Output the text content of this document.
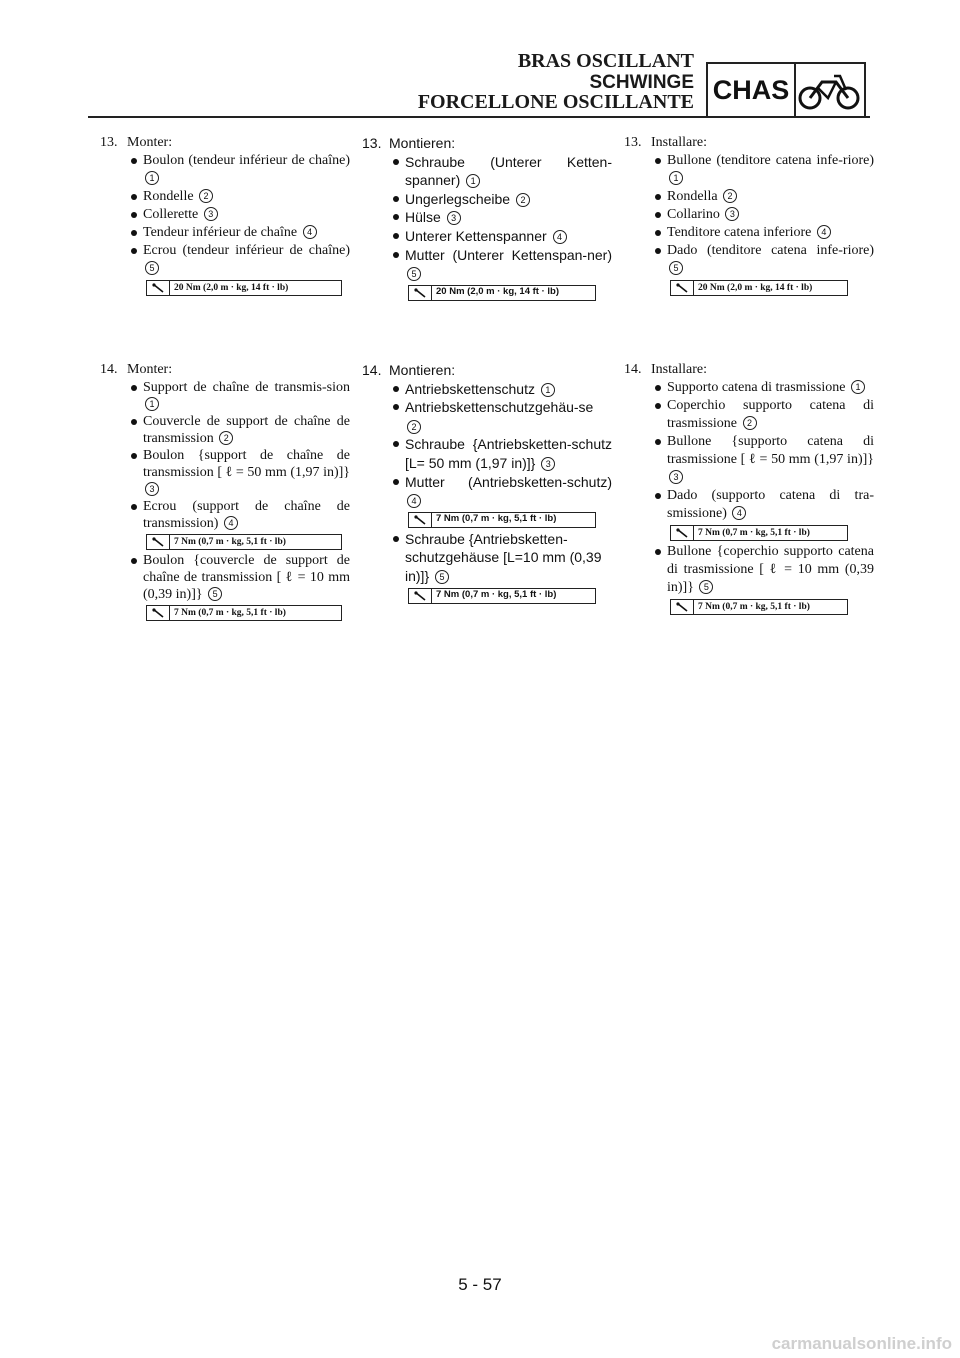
BRAS OSCILLANT
SCHWINGE
FORCELLONE OSCILLANTE CHAS
13. Monter:
Boulon (tendeur inférieur de chaîne) 1
Rondelle 2
Collerette 3
Tendeur inférieur de chaîne 4
Ecrou (tendeur inférieur de chaîne) 5
20 Nm (2,0 m · kg, 14 ft · lb)
14. Monter:
Support de chaîne de transmis-sion 1
Couvercle de support de chaîne de transmission 2
Boulon {support de chaîne de transmission [ ℓ = 50 mm (1,97 in)]} 3
Ecrou (support de chaîne de transmission) 4
7 Nm (0,7 m · kg, 5,1 ft · lb)
Boulon {couvercle de support de chaîne de transmission [ ℓ = 10 mm (0,39 in)]} 5
7 Nm (0,7 m · kg, 5,1 ft · lb)
13. Montieren:
Schraube (Unterer Ketten-spanner) 1
Ungerlegscheibe 2
Hülse 3
Unterer Kettenspanner 4
Mutter (Unterer Kettenspan-ner) 5
20 Nm (2,0 m · kg, 14 ft · lb)
14. Montieren:
Antriebskettenschutz 1
Antriebskettenschutzgehäu-se 2
Schraube {Antriebsketten-schutz [L= 50 mm (1,97 in)]} 3
Mutter (Antriebsketten-schutz) 4
7 Nm (0,7 m · kg, 5,1 ft · lb)
Schraube {Antriebsketten-schutzgehäuse [L=10 mm (0,39 in)]} 5
7 Nm (0,7 m · kg, 5,1 ft · lb)
13. Installare:
Bullone (tenditore catena infe-riore) 1
Rondella 2
Collarino 3
Tenditore catena inferiore 4
Dado (tenditore catena infe-riore) 5
20 Nm (2,0 m · kg, 14 ft · lb)
14. Installare:
Supporto catena di trasmissione 1
Coperchio supporto catena di trasmissione 2
Bullone {supporto catena di trasmissione [ ℓ = 50 mm (1,97 in)]} 3
Dado (supporto catena di tra-smissione) 4
7 Nm (0,7 m · kg, 5,1 ft · lb)
Bullone {coperchio supporto catena di trasmissione [ ℓ = 10 mm (0,39 in)]} 5
7 Nm (0,7 m · kg, 5,1 ft · lb)
5 - 57
carmanualsonline.info
